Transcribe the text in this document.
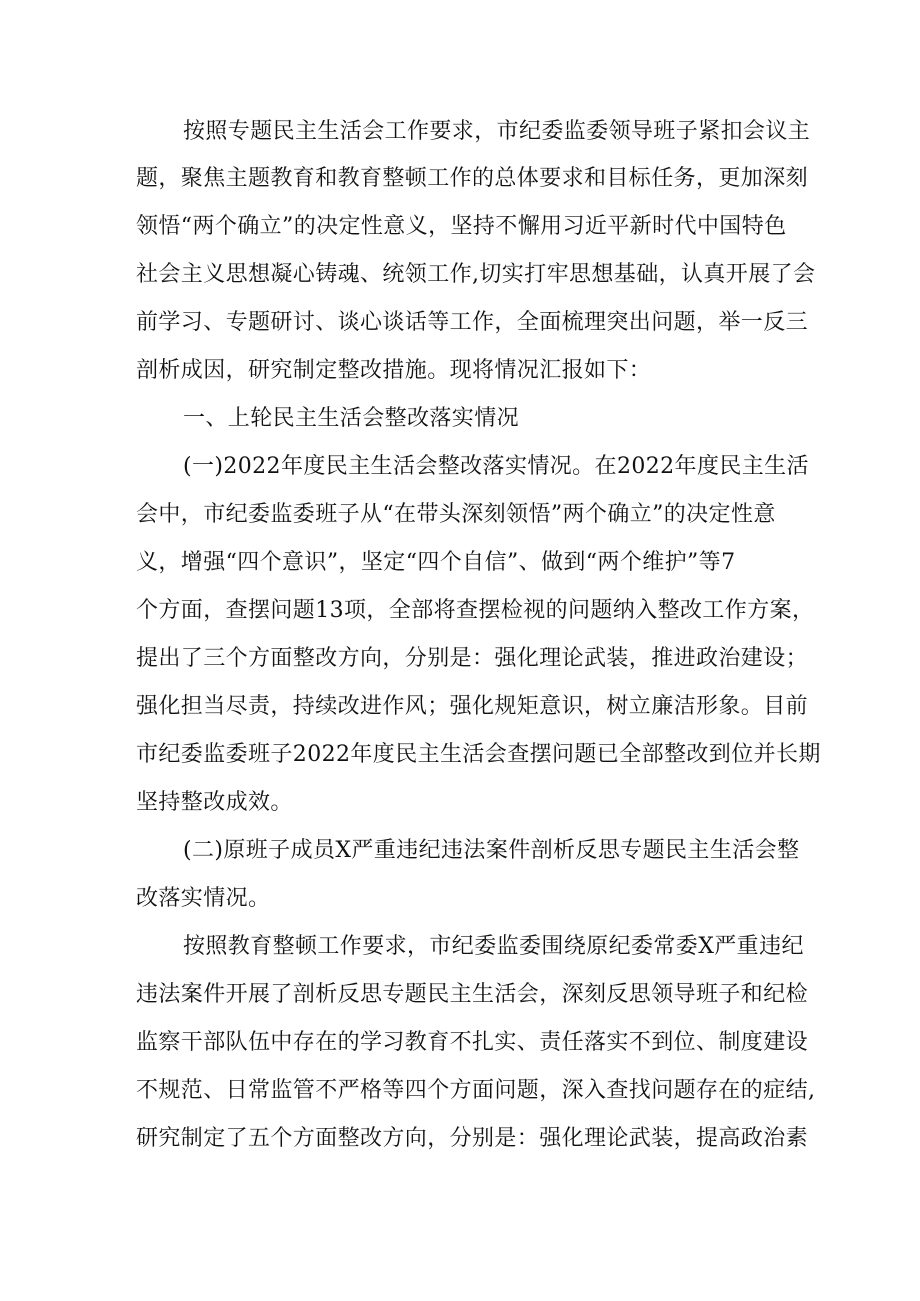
按照专题民主生活会工作要求，市纪委监委领导班子紧扣会议主
题，聚焦主题教育和教育整顿工作的总体要求和目标任务，更加深刻
领悟“两个确立”的决定性意义，坚持不懈用习近平新时代中国特色
社会主义思想凝心铸魂、统领工作,切实打牢思想基础，认真开展了会
前学习、专题研讨、谈心谈话等工作，全面梳理突出问题，举一反三
剖析成因，研究制定整改措施。现将情况汇报如下：
一、上轮民主生活会整改落实情况
(一)2022年度民主生活会整改落实情况。在2022年度民主生活
会中，市纪委监委班子从“在带头深刻领悟”两个确立”的决定性意
义，增强“四个意识”，坚定“四个自信”、做到“两个维护”等7
个方面，查摆问题13项，全部将查摆检视的问题纳入整改工作方案，
提出了三个方面整改方向，分别是：强化理论武装，推进政治建设；
强化担当尽责，持续改进作风；强化规矩意识，树立廉洁形象。目前
市纪委监委班子2022年度民主生活会查摆问题已全部整改到位并长期
坚持整改成效。
(二)原班子成员X严重违纪违法案件剖析反思专题民主生活会整
改落实情况。
按照教育整顿工作要求，市纪委监委围绕原纪委常委X严重违纪
违法案件开展了剖析反思专题民主生活会，深刻反思领导班子和纪检
监察干部队伍中存在的学习教育不扎实、责任落实不到位、制度建设
不规范、日常监管不严格等四个方面问题，深入查找问题存在的症结,
研究制定了五个方面整改方向，分别是：强化理论武装，提高政治素
